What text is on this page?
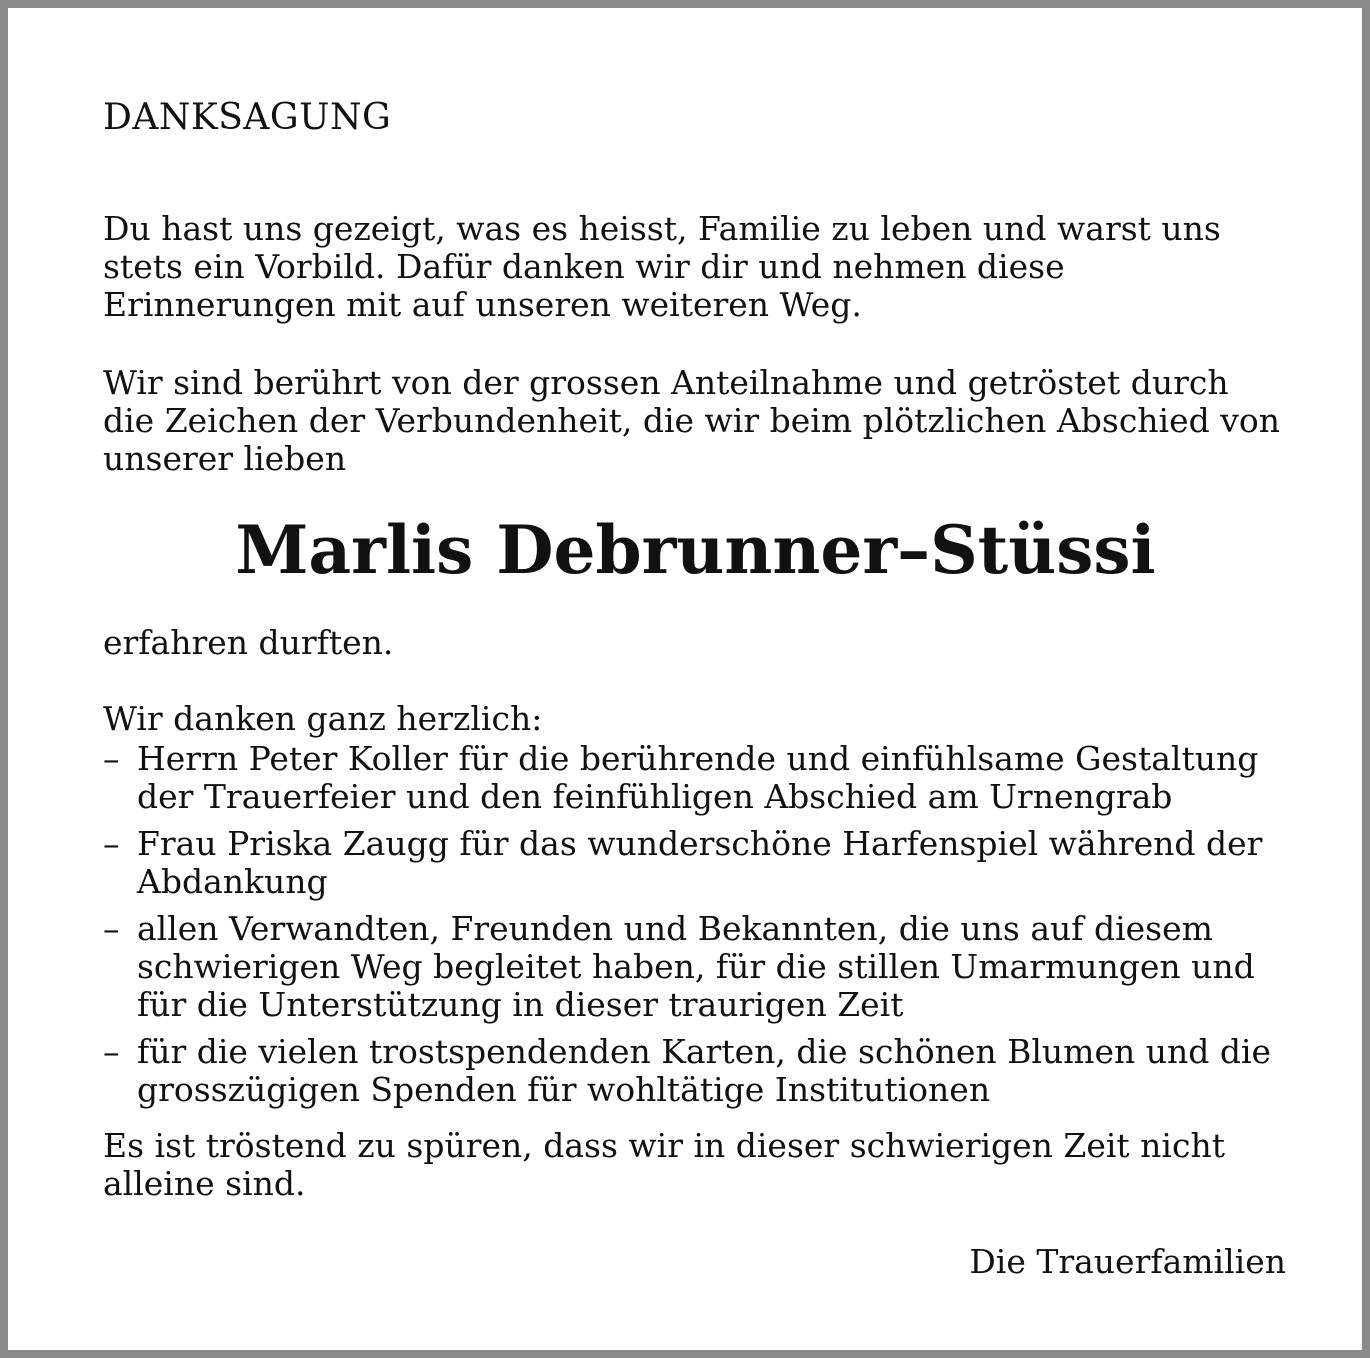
DANKSAGUNG

Du hast uns gezeigt, was es heisst, Familie zu leben und warst uns stets ein Vorbild. Dafür danken wir dir und nehmen diese Erinnerungen mit auf unseren weiteren Weg.

Wir sind berührt von der grossen Anteilnahme und getröstet durch die Zeichen der Verbundenheit, die wir beim plötzlichen Abschied von unserer lieben

Marlis Debrunner–Stüssi

erfahren durften.

Wir danken ganz herzlich:

– Herrn Peter Koller für die berührende und einfühlsame Gestaltung der Trauerfeier und den feinfühligen Abschied am Urnengrab
– Frau Priska Zaugg für das wunderschöne Harfenspiel während der Abdankung
– allen Verwandten, Freunden und Bekannten, die uns auf diesem schwierigen Weg begleitet haben, für die stillen Umarmungen und für die Unterstützung in dieser traurigen Zeit
– für die vielen trostspendenden Karten, die schönen Blumen und die grosszügigen Spenden für wohltätige Institutionen

Es ist tröstend zu spüren, dass wir in dieser schwierigen Zeit nicht alleine sind.

Die Trauerfamilien
